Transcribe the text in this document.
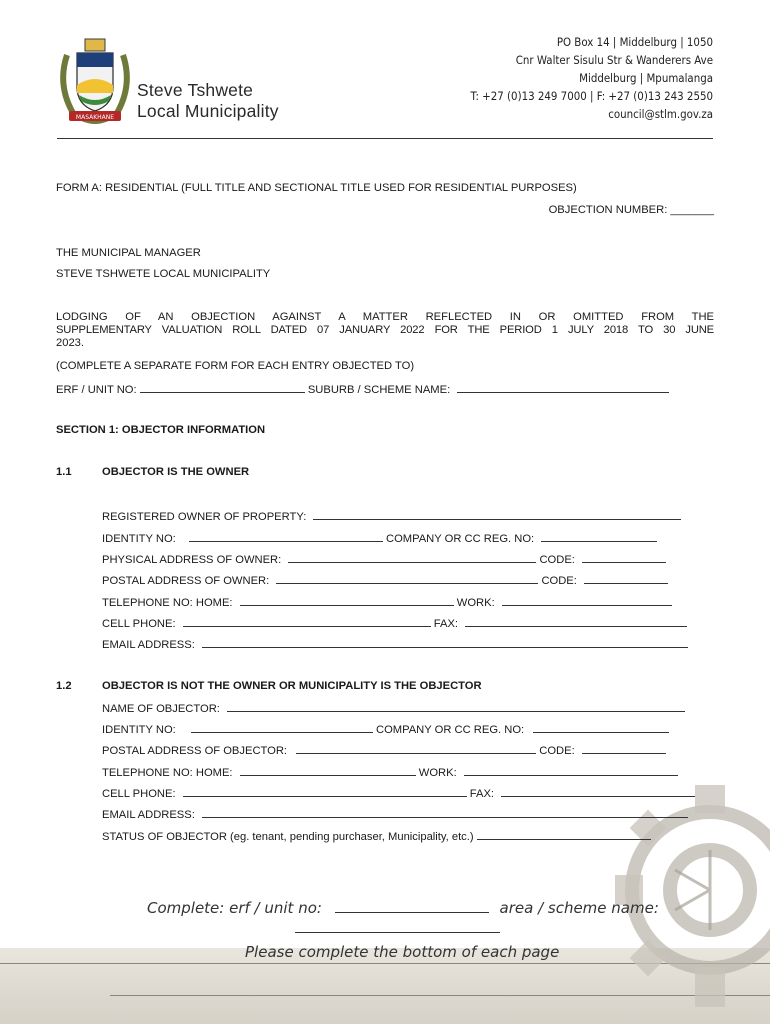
MASAKHANE
Steve Tshwete
Local Municipality
PO Box 14 | Middelburg | 1050
Cnr Walter Sisulu Str & Wanderers Ave
Middelburg | Mpumalanga
T: +27 (0)13 249 7000 | F: +27 (0)13 243 2550
council@stlm.gov.za
FORM A: RESIDENTIAL (FULL TITLE AND SECTIONAL TITLE USED FOR RESIDENTIAL PURPOSES)
OBJECTION NUMBER: _______
THE MUNICIPAL MANAGER
STEVE TSHWETE LOCAL MUNICIPALITY
LODGING OF AN OBJECTION AGAINST A MATTER REFLECTED IN OR OMITTED FROM THE
SUPPLEMENTARY VALUATION ROLL DATED 07 JANUARY 2022 FOR THE PERIOD 1 JULY 2018 TO 30 JUNE
2023.
(COMPLETE A SEPARATE FORM FOR EACH ENTRY OBJECTED TO)
ERF / UNIT NO:	SUBURB / SCHEME NAME:
SECTION 1: OBJECTOR INFORMATION
1.1	OBJECTOR IS THE OWNER
REGISTERED OWNER OF PROPERTY:
IDENTITY NO:	COMPANY OR CC REG. NO:
PHYSICAL ADDRESS OF OWNER:	CODE:
POSTAL ADDRESS OF OWNER:	CODE:
TELEPHONE NO: HOME:	WORK:
CELL PHONE:	FAX:
EMAIL ADDRESS:
1.2	OBJECTOR IS NOT THE OWNER OR MUNICIPALITY IS THE OBJECTOR
NAME OF OBJECTOR:
IDENTITY NO:	COMPANY OR CC REG. NO:
POSTAL ADDRESS OF OBJECTOR:	CODE:
TELEPHONE NO: HOME:	WORK:
CELL PHONE:	FAX:
EMAIL ADDRESS:
STATUS OF OBJECTOR (eg. tenant, pending purchaser, Municipality, etc.)
Complete: erf / unit no:	area / scheme name:
Please complete the bottom of each page
